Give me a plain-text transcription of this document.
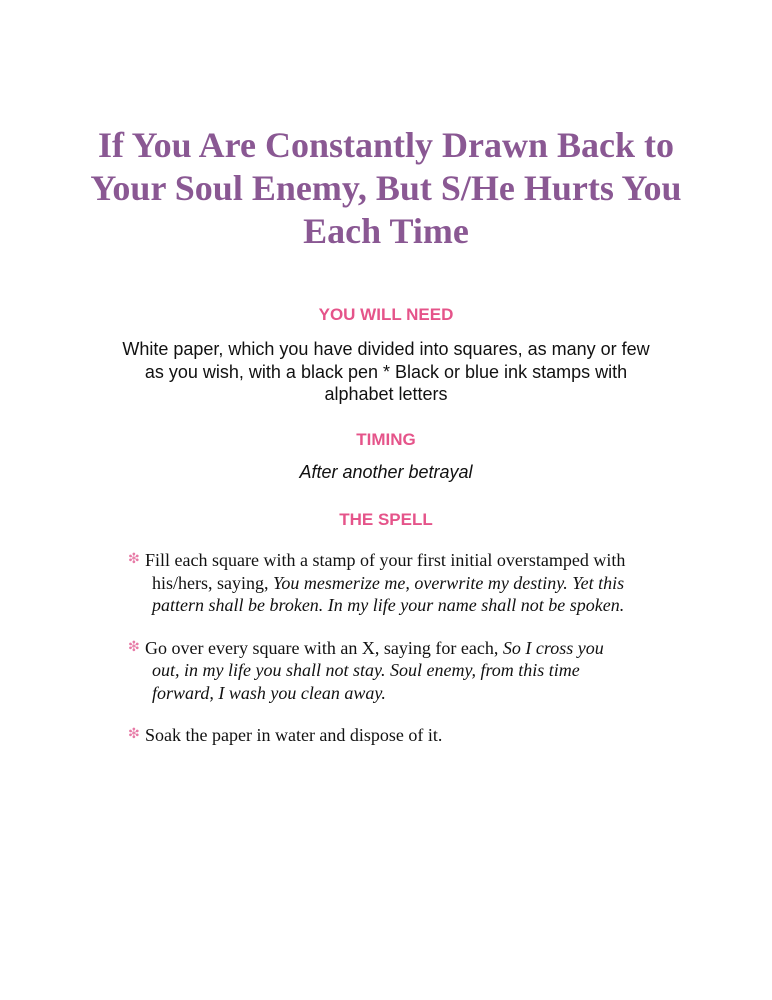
If You Are Constantly Drawn Back to
Your Soul Enemy, But S/He Hurts You
Each Time
YOU WILL NEED

White paper, which you have divided into squares, as many or few
as you wish, with a black pen * Black or blue ink stamps with
alphabet letters

TIMING

After another betrayal

THE SPELL
❇ Fill each square with a stamp of your first initial overstamped with
his/hers, saying, You mesmerize me, overwrite my destiny. Yet this
pattern shall be broken. In my life your name shall not be spoken.
❇ Go over every square with an X, saying for each, So I cross you
out, in my life you shall not stay. Soul enemy, from this time
forward, I wash you clean away.
❇ Soak the paper in water and dispose of it.
